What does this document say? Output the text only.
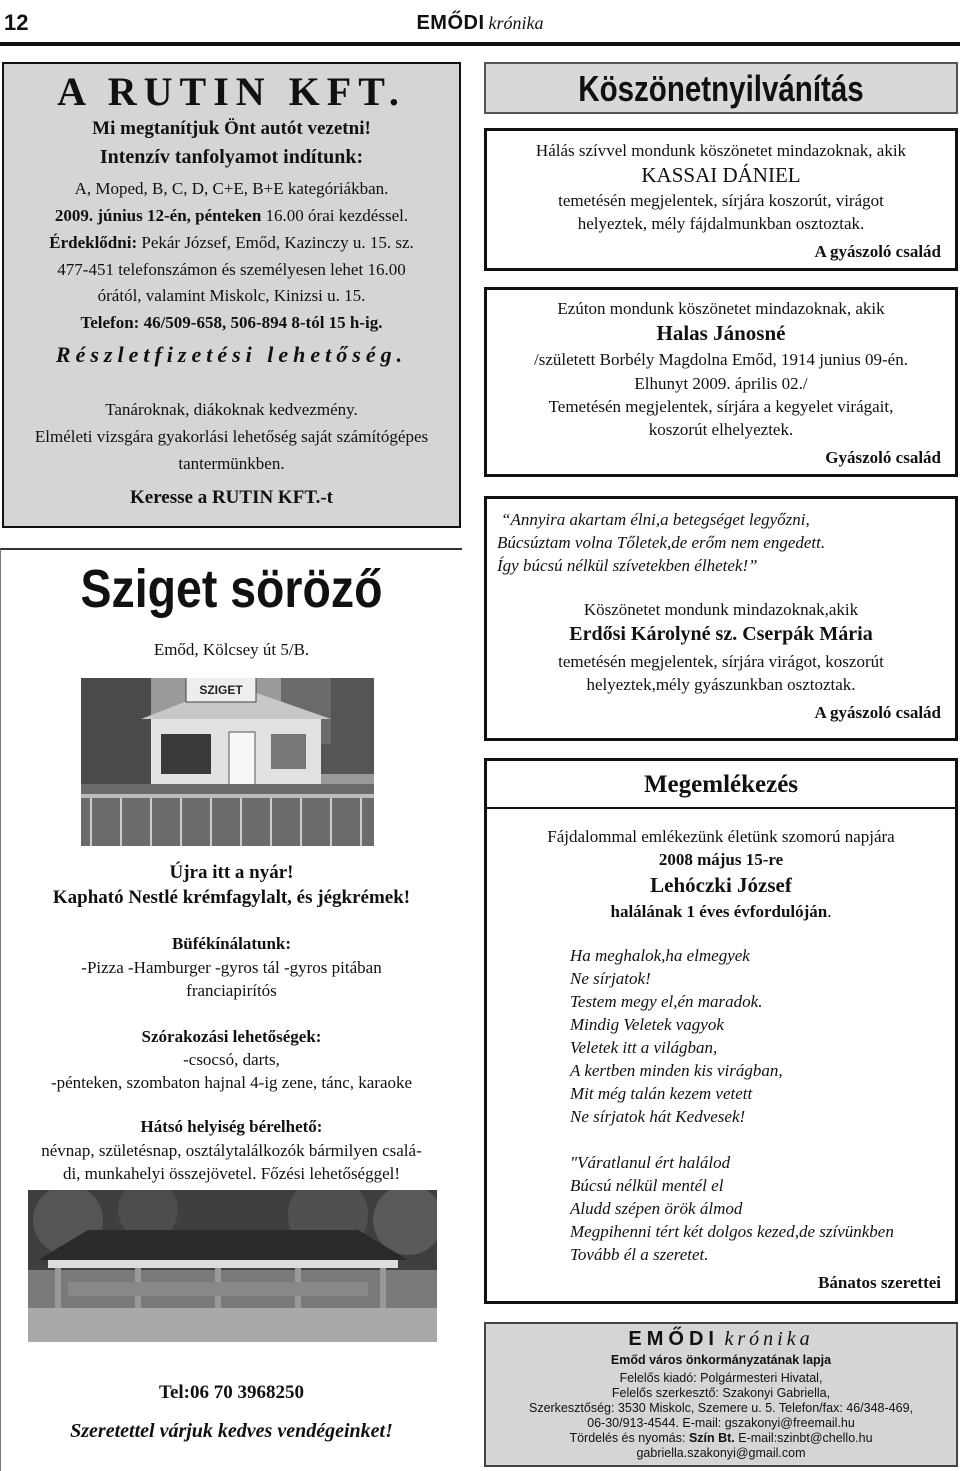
12	EMŐDI krónika
A RUTIN KFT.
Mi megtanítjuk Önt autót vezetni!
Intenzív tanfolyamot indítunk:
A, Moped, B, C, D, C+E, B+E kategóriákban.
2009. június 12-én, pénteken 16.00 órai kezdéssel.
Érdeklődni: Pekár József, Emőd, Kazinczy u. 15. sz.
477-451 telefonszámon és személyesen lehet 16.00
órától, valamint Miskolc, Kinizsi u. 15.
Telefon: 46/509-658, 506-894 8-tól 15 h-ig.
Részletfizetési lehetőség.
Tanároknak, diákoknak kedvezmény.
Elméleti vizsgára gyakorlási lehetőség saját számítógépes
tantermünkben.
Keresse a RUTIN KFT.-t
Sziget söröző
Emőd, Kölcsey út 5/B.
SZIGET
Újra itt a nyár!
Kapható Nestlé krémfagylalt, és jégkrémek!
Büfékínálatunk:
-Pizza -Hamburger -gyros tál -gyros pitában
franciapirítós
Szórakozási lehetőségek:
-csocsó, darts,
-pénteken, szombaton hajnal 4-ig zene, tánc, karaoke
Hátsó helyiség bérelhető:
névnap, születésnap, osztálytalálkozók bármilyen csalá-
di, munkahelyi összejövetel. Főzési lehetőséggel!
Tel:06 70 3968250
Szeretettel várjuk kedves vendégeinket!
Köszönetnyilvánítás
Hálás szívvel mondunk köszönetet mindazoknak, akik
KASSAI DÁNIEL
temetésén megjelentek, sírjára koszorút, virágot
helyeztek, mély fájdalmunkban osztoztak.
A gyászoló család
Ezúton mondunk köszönetet mindazoknak, akik
Halas Jánosné
/született Borbély Magdolna Emőd, 1914 junius 09-én.
Elhunyt 2009. április 02./
Temetésén megjelentek, sírjára a kegyelet virágait,
koszorút elhelyeztek.
Gyászoló család
“Annyira akartam élni,a betegséget legyőzni,
Búcsúztam volna Tőletek,de erőm nem engedett.
Így búcsú nélkül szívetekben élhetek!”
Köszönetet mondunk mindazoknak,akik
Erdősi Károlyné sz. Cserpák Mária
temetésén megjelentek, sírjára virágot, koszorút
helyeztek,mély gyászunkban osztoztak.
A gyászoló család
Megemlékezés
Fájdalommal emlékezünk életünk szomorú napjára
2008 május 15-re
Lehóczki József
halálának 1 éves évfordulóján.
Ha meghalok,ha elmegyek
Ne sírjatok!
Testem megy el,én maradok.
Mindig Veletek vagyok
Veletek itt a világban,
A kertben minden kis virágban,
Mit még talán kezem vetett
Ne sírjatok hát Kedvesek!
"Váratlanul ért halálod
Búcsú nélkül mentél el
Aludd szépen örök álmod
Megpihenni tért két dolgos kezed,de szívünkben
Tovább él a szeretet.
Bánatos szerettei
EMŐDI krónika
Emőd város önkormányzatának lapja
Felelős kiadó: Polgármesteri Hivatal,
Felelős szerkesztő: Szakonyi Gabriella,
Szerkesztőség: 3530 Miskolc, Szemere u. 5. Telefon/fax: 46/348-469,
06-30/913-4544. E-mail: gszakonyi@freemail.hu
Tördelés és nyomás: Szín Bt. E-mail:szinbt@chello.hu
gabriella.szakonyi@gmail.com
